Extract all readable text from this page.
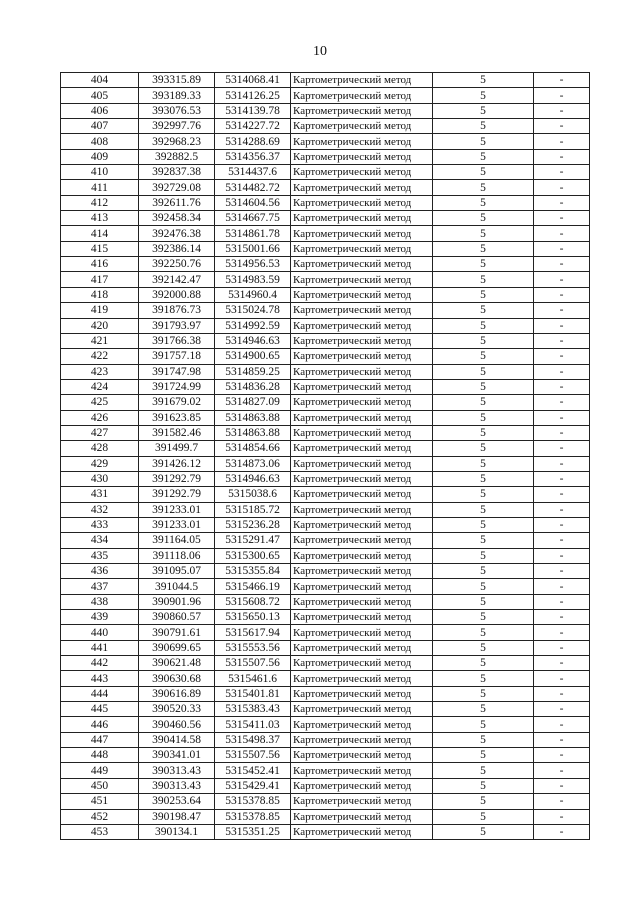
10
404	393315.89	5314068.41	Картометрический метод	5	-
405	393189.33	5314126.25	Картометрический метод	5	-
406	393076.53	5314139.78	Картометрический метод	5	-
407	392997.76	5314227.72	Картометрический метод	5	-
408	392968.23	5314288.69	Картометрический метод	5	-
409	392882.5	5314356.37	Картометрический метод	5	-
410	392837.38	5314437.6	Картометрический метод	5	-
411	392729.08	5314482.72	Картометрический метод	5	-
412	392611.76	5314604.56	Картометрический метод	5	-
413	392458.34	5314667.75	Картометрический метод	5	-
414	392476.38	5314861.78	Картометрический метод	5	-
415	392386.14	5315001.66	Картометрический метод	5	-
416	392250.76	5314956.53	Картометрический метод	5	-
417	392142.47	5314983.59	Картометрический метод	5	-
418	392000.88	5314960.4	Картометрический метод	5	-
419	391876.73	5315024.78	Картометрический метод	5	-
420	391793.97	5314992.59	Картометрический метод	5	-
421	391766.38	5314946.63	Картометрический метод	5	-
422	391757.18	5314900.65	Картометрический метод	5	-
423	391747.98	5314859.25	Картометрический метод	5	-
424	391724.99	5314836.28	Картометрический метод	5	-
425	391679.02	5314827.09	Картометрический метод	5	-
426	391623.85	5314863.88	Картометрический метод	5	-
427	391582.46	5314863.88	Картометрический метод	5	-
428	391499.7	5314854.66	Картометрический метод	5	-
429	391426.12	5314873.06	Картометрический метод	5	-
430	391292.79	5314946.63	Картометрический метод	5	-
431	391292.79	5315038.6	Картометрический метод	5	-
432	391233.01	5315185.72	Картометрический метод	5	-
433	391233.01	5315236.28	Картометрический метод	5	-
434	391164.05	5315291.47	Картометрический метод	5	-
435	391118.06	5315300.65	Картометрический метод	5	-
436	391095.07	5315355.84	Картометрический метод	5	-
437	391044.5	5315466.19	Картометрический метод	5	-
438	390901.96	5315608.72	Картометрический метод	5	-
439	390860.57	5315650.13	Картометрический метод	5	-
440	390791.61	5315617.94	Картометрический метод	5	-
441	390699.65	5315553.56	Картометрический метод	5	-
442	390621.48	5315507.56	Картометрический метод	5	-
443	390630.68	5315461.6	Картометрический метод	5	-
444	390616.89	5315401.81	Картометрический метод	5	-
445	390520.33	5315383.43	Картометрический метод	5	-
446	390460.56	5315411.03	Картометрический метод	5	-
447	390414.58	5315498.37	Картометрический метод	5	-
448	390341.01	5315507.56	Картометрический метод	5	-
449	390313.43	5315452.41	Картометрический метод	5	-
450	390313.43	5315429.41	Картометрический метод	5	-
451	390253.64	5315378.85	Картометрический метод	5	-
452	390198.47	5315378.85	Картометрический метод	5	-
453	390134.1	5315351.25	Картометрический метод	5	-
